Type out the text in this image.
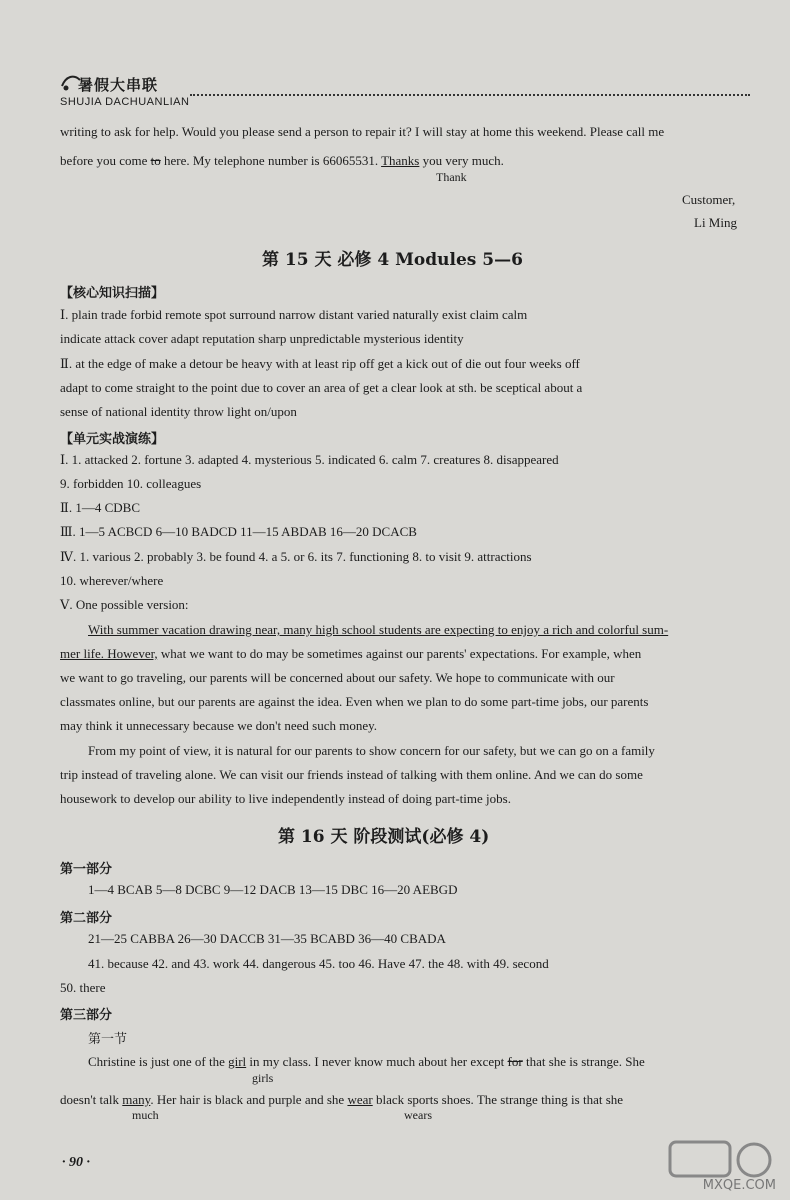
暑假大串联
SHUJIA DACHUANLIAN
writing to ask for help. Would you please send a person to repair it? I will stay at home this weekend. Please call me
before you come to here. My telephone number is 66065531. Thanks you very much.
Thank
Customer,
Li Ming
第 15 天 必修 4 Modules 5—6
【核心知识扫描】
Ⅰ. plain trade forbid remote spot surround narrow distant varied naturally exist claim calm
indicate attack cover adapt reputation sharp unpredictable mysterious identity
Ⅱ. at the edge of make a detour be heavy with at least rip off get a kick out of die out four weeks off
adapt to come straight to the point due to cover an area of get a clear look at sth. be sceptical about a
sense of national identity throw light on/upon
【单元实战演练】
Ⅰ. 1. attacked 2. fortune 3. adapted 4. mysterious 5. indicated 6. calm 7. creatures 8. disappeared
9. forbidden 10. colleagues
Ⅱ. 1—4 CDBC
Ⅲ. 1—5 ACBCD 6—10 BADCD 11—15 ABDAB 16—20 DCACB
Ⅳ. 1. various 2. probably 3. be found 4. a 5. or 6. its 7. functioning 8. to visit 9. attractions
10. wherever/where
Ⅴ. One possible version:
With summer vacation drawing near, many high school students are expecting to enjoy a rich and colorful sum-
mer life. However, what we want to do may be sometimes against our parents' expectations. For example, when
we want to go traveling, our parents will be concerned about our safety. We hope to communicate with our
classmates online, but our parents are against the idea. Even when we plan to do some part-time jobs, our parents
may think it unnecessary because we don't need such money.
From my point of view, it is natural for our parents to show concern for our safety, but we can go on a family
trip instead of traveling alone. We can visit our friends instead of talking with them online. And we can do some
housework to develop our ability to live independently instead of doing part-time jobs.
第 16 天 阶段测试(必修 4)
第一部分
1—4 BCAB 5—8 DCBC 9—12 DACB 13—15 DBC 16—20 AEBGD
第二部分
21—25 CABBA 26—30 DACCB 31—35 BCABD 36—40 CBADA
41. because 42. and 43. work 44. dangerous 45. too 46. Have 47. the 48. with 49. second
50. there
第三部分
第一节
Christine is just one of the girl in my class. I never know much about her except for that she is strange. She
girls
doesn't talk many. Her hair is black and purple and she wear black sports shoes. The strange thing is that she
much	wears
· 90 ·
MXQE.COM
